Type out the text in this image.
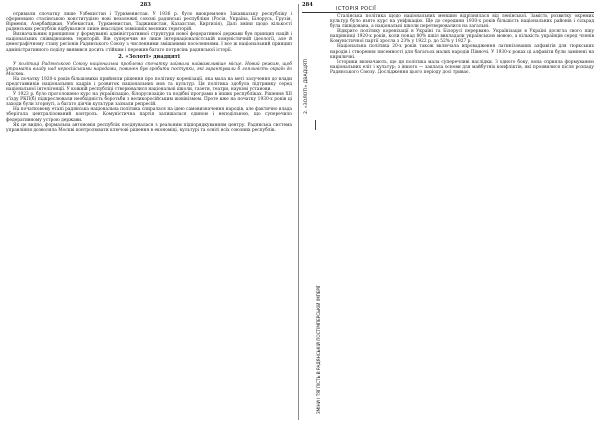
283

отримали спочатку лише Узбекистан і Туркменистан. У 1936 р. було виокремлено Закавказьку республіку і сформовано сталінською конституцією нові незалежні союзні радянські республіки (Росія, Україна, Білорусь, Грузія, Вірменія, Азербайджан, Узбекистан, Туркменистан, Таджикистан, Казахстан, Киргизія), Далі зміни щодо кількості радянських республік відбувалися лише внаслідок зовнішніх воєнних територій.

Визначальним принципом у формуванні адміністративної структури нової федеративної держави був принцип націй і національних співвідношень територій. Він суперечив не лише інтернаціоналістській комуністичній ідеології, але й демографічному стану регіонів Радянського Союзу з численними змішаними поселеннями. І все ж національний принцип адміністративного поділу виявився досить стійким і пережив багато потрясінь радянської історії.

2. «Золоті» двадцяті

У політиці Радянського Союзу національна проблема спочатку займала найважливіше місце. Новий режим, щоб утримати владу над неросійськими народами, повинен був зробити поступки, які гарантували б лояльність окраїн до Москви.

На початку 1920-х років більшовики прийняли рішення про політику коренізації, яка мала на меті залучення до влади представників національних кадрів і розвиток національних мов та культур. Ця політика здобула підтримку серед національної інтелігенції. У кожній республіці створювалися національні школи, газети, театри, наукові установи.

У 1923 р. було проголошено курс на українізацію, білорусизацію та подібні програми в інших республіках. Рішення XII з'їзду РКП(б) підкреслювали необхідність боротьби з великоросійським шовінізмом. Проте вже на початку 1930-х років ці заходи були згорнуті, а багато діячів культури зазнали репресій.

На початковому етапі радянська національна політика спиралася на ідею самовизначення народів, але фактично влада зберігала централізований контроль. Комуністична партія залишалася єдиною і неподільною, що суперечило федеративному устрою держави.

Як це видно, формальна автономія республік поєднувалася з реальним підпорядкуванням центру. Радянська система управління дозволяла Москві контролювати ключові рішення в економіці, культурі та освіті всіх союзних республік.

284
ІСТОРІЯ РОСІЇ
2. «ЗОЛОТІ» ДВАДЦЯТІ
ЗМІНИ І ТЯГЛІСТЬ В РАДЯНСЬКІЙ ПОСТІМПЕРСЬКІЙ ІМПЕРІЇ

Сталінська політика щодо національних меншин відрізнялася від ленінської. Замість розвитку окремих культур було взято курс на уніфікацію. Ще до середини 1930-х років більшість національних районів і сільрад була ліквідована, а національні школи перетворювалися на загальні.

Відкрито політику коренізації в Україні та Білорусі перервано. Українізація в Україні досягла свого піку наприкінці 1920-х років, коли понад 80% шкіл викладали українською мовою, а кількість українців серед членів Комуністичної партії зросла з 23% у 1922 р. до 52% у 1927 р.

Національна політика 20-х років також включала впровадження латинізованих алфавітів для тюркських народів і створення писемності для багатьох малих народів Півночі. У 1930-х роках ці алфавіти були замінені на кириличні.

Історики визначають, що ця політика мала суперечливі наслідки. З одного боку, вона сприяла формуванню національних еліт і культур; з іншого — заклала основи для майбутніх конфліктів, які проявилися після розпаду Радянського Союзу. Дослідження цього періоду досі триває.
